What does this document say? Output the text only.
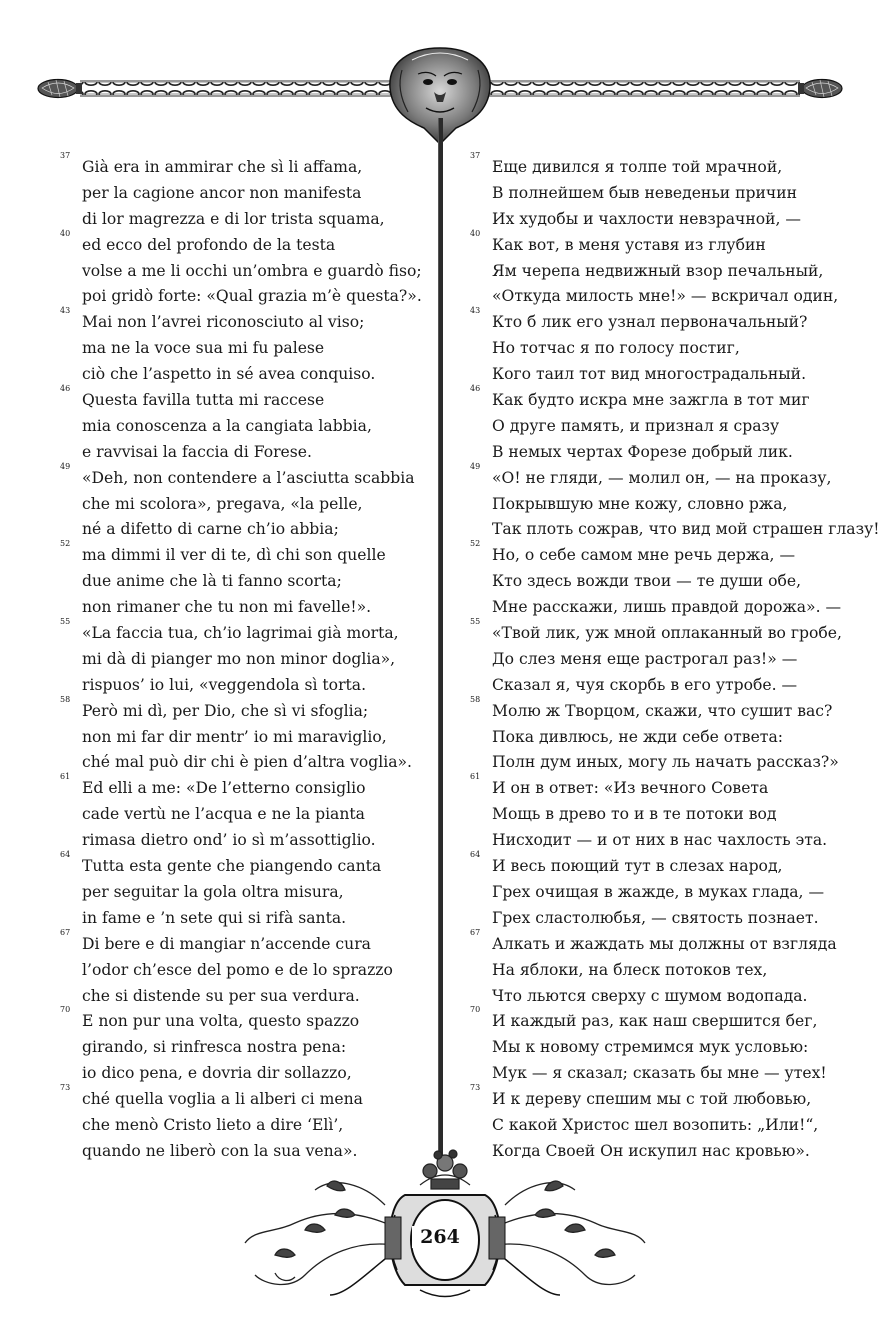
37
Già era in ammirar che sì li affama,
per la cagione ancor non manifesta
di lor magrezza e di lor trista squama,
40
ed ecco del profondo de la testa
volse a me li occhi un’ombra e guardò fiso;
poi gridò forte: «Qual grazia m’è questa?».
43
Mai non l’avrei riconosciuto al viso;
ma ne la voce sua mi fu palese
ciò che l’aspetto in sé avea conquiso.
46
Questa favilla tutta mi raccese
mia conoscenza a la cangiata labbia,
e ravvisai la faccia di Forese.
49
«Deh, non contendere a l’asciutta scabbia
che mi scolora», pregava, «la pelle,
né a difetto di carne ch’io abbia;
52
ma dimmi il ver di te, dì chi son quelle
due anime che là ti fanno scorta;
non rimaner che tu non mi favelle!».
55
«La faccia tua, ch’io lagrimai già morta,
mi dà di pianger mo non minor doglia»,
rispuos’ io lui, «veggendola sì torta.
58
Però mi dì, per Dio, che sì vi sfoglia;
non mi far dir mentr’ io mi maraviglio,
ché mal può dir chi è pien d’altra voglia».
61
Ed elli a me: «De l’etterno consiglio
cade vertù ne l’acqua e ne la pianta
rimasa dietro ond’ io sì m’assottiglio.
64
Tutta esta gente che piangendo canta
per seguitar la gola oltra misura,
in fame e ’n sete qui si rifà santa.
67
Di bere e di mangiar n’accende cura
l’odor ch’esce del pomo e de lo sprazzo
che si distende su per sua verdura.
70
E non pur una volta, questo spazzo
girando, si rinfresca nostra pena:
io dico pena, e dovria dir sollazzo,
73
ché quella voglia a li alberi ci mena
che menò Cristo lieto a dire ‘Elì’,
quando ne liberò con la sua vena».
37
Еще дивился я толпе той мрачной,
В полнейшем быв неведеньи причин
Их худобы и чахлости невзрачной, —
40
Как вот, в меня уставя из глубин
Ям черепа недвижный взор печальный,
«Откуда милость мне!» — вскричал один,
43
Кто б лик его узнал первоначальный?
Но тотчас я по голосу постиг,
Кого таил тот вид многострадальный.
46
Как будто искра мне зажгла в тот миг
О друге память, и признал я сразу
В немых чертах Форезе добрый лик.
49
«О! не гляди, — молил он, — на проказу,
Покрывшую мне кожу, словно ржа,
Так плоть сожрав, что вид мой страшен глазу!
52
Но, о себе самом мне речь держа, —
Кто здесь вожди твои — те души обе,
Мне расскажи, лишь правдой дорожа». —
55
«Твой лик, уж мной оплаканный во гробе,
До слез меня еще растрогал раз!» —
Сказал я, чуя скорбь в его утробе. —
58
Молю ж Творцом, скажи, что сушит вас?
Пока дивлюсь, не жди себе ответа:
Полн дум иных, могу ль начать рассказ?»
61
И он в ответ: «Из вечного Совета
Мощь в древо то и в те потоки вод
Нисходит — и от них в нас чахлость эта.
64
И весь поющий тут в слезах народ,
Грех очищая в жажде, в муках глада, —
Грех сластолюбья, — святость познает.
67
Алкать и жаждать мы должны от взгляда
На яблоки, на блеск потоков тех,
Что льются сверху с шумом водопада.
70
И каждый раз, как наш свершится бег,
Мы к новому стремимся мук условью:
Мук — я сказал; сказать бы мне — утех!
73
И к дереву спешим мы с той любовью,
С какой Христос шел возопить: „Или!“,
Когда Своей Он искупил нас кровью».
264
